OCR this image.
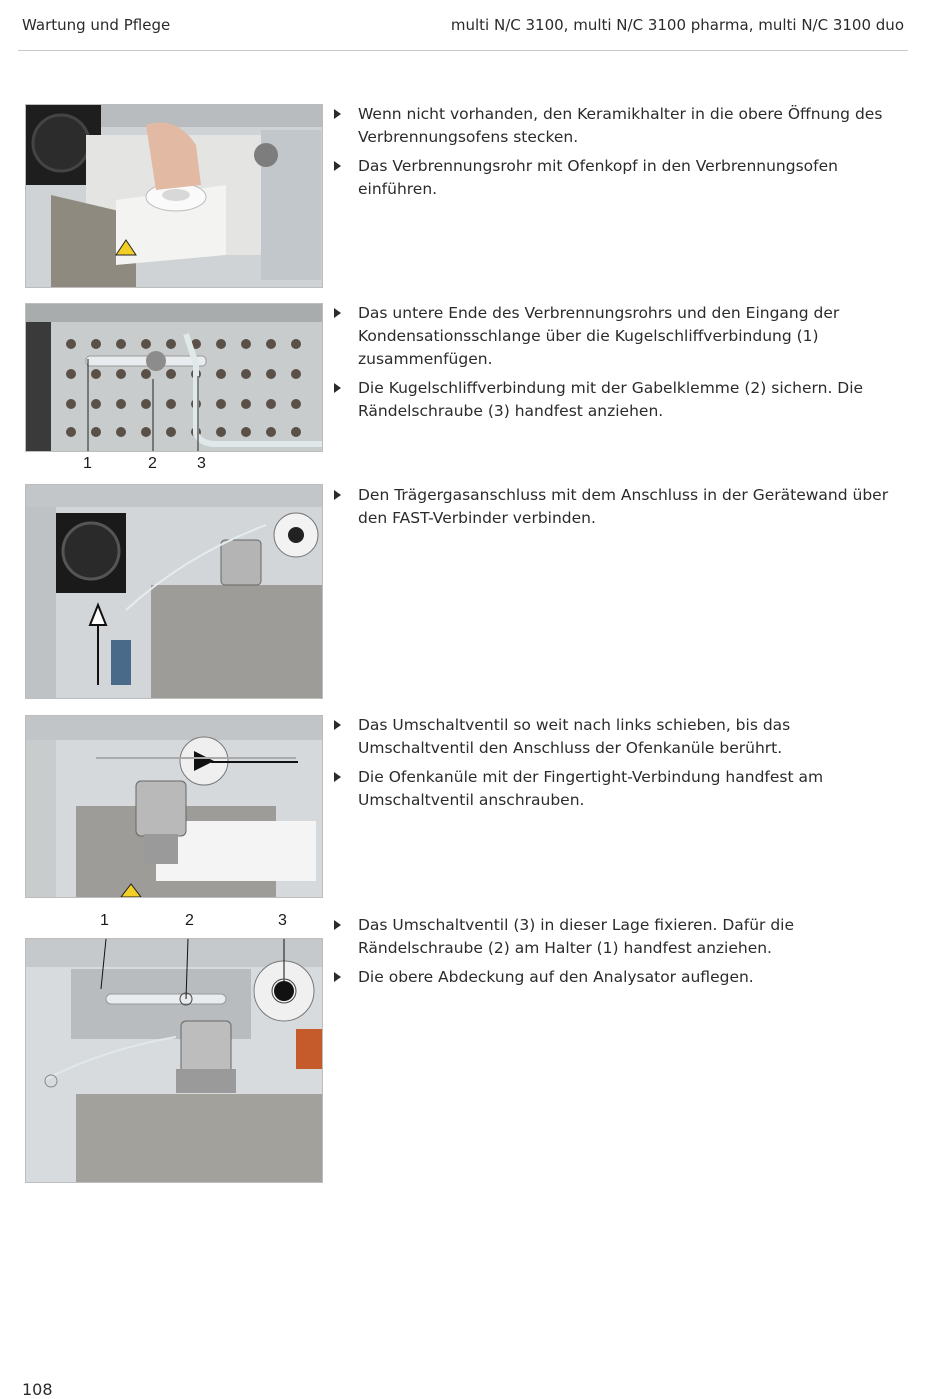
Wartung und Pflege	multi N/C 3100, multi N/C 3100 pharma, multi N/C 3100 duo
Wenn nicht vorhanden, den Keramikhalter in die obere Öffnung des Verbrennungsofens stecken.
Das Verbrennungsrohr mit Ofenkopf in den Verbrennungsofen einführen.
1	2	3
Das untere Ende des Verbrennungsrohrs und den Eingang der Kondensationsschlange über die Kugelschliffverbindung (1) zusammenfügen.
Die Kugelschliffverbindung mit der Gabelklemme (2) sichern. Die Rändelschraube (3) handfest anziehen.
Den Trägergasanschluss mit dem Anschluss in der Gerätewand über den FAST-Verbinder verbinden.
Das Umschaltventil so weit nach links schieben, bis das Umschaltventil den Anschluss der Ofenkanüle berührt.
Die Ofenkanüle mit der Fingertight-Verbindung handfest am Umschaltventil anschrauben.
1	2	3	Das Umschaltventil (3) in dieser Lage fixieren. Dafür die Rändelschraube (2) am Halter (1) handfest anziehen.
Die obere Abdeckung auf den Analysator auflegen.
108
